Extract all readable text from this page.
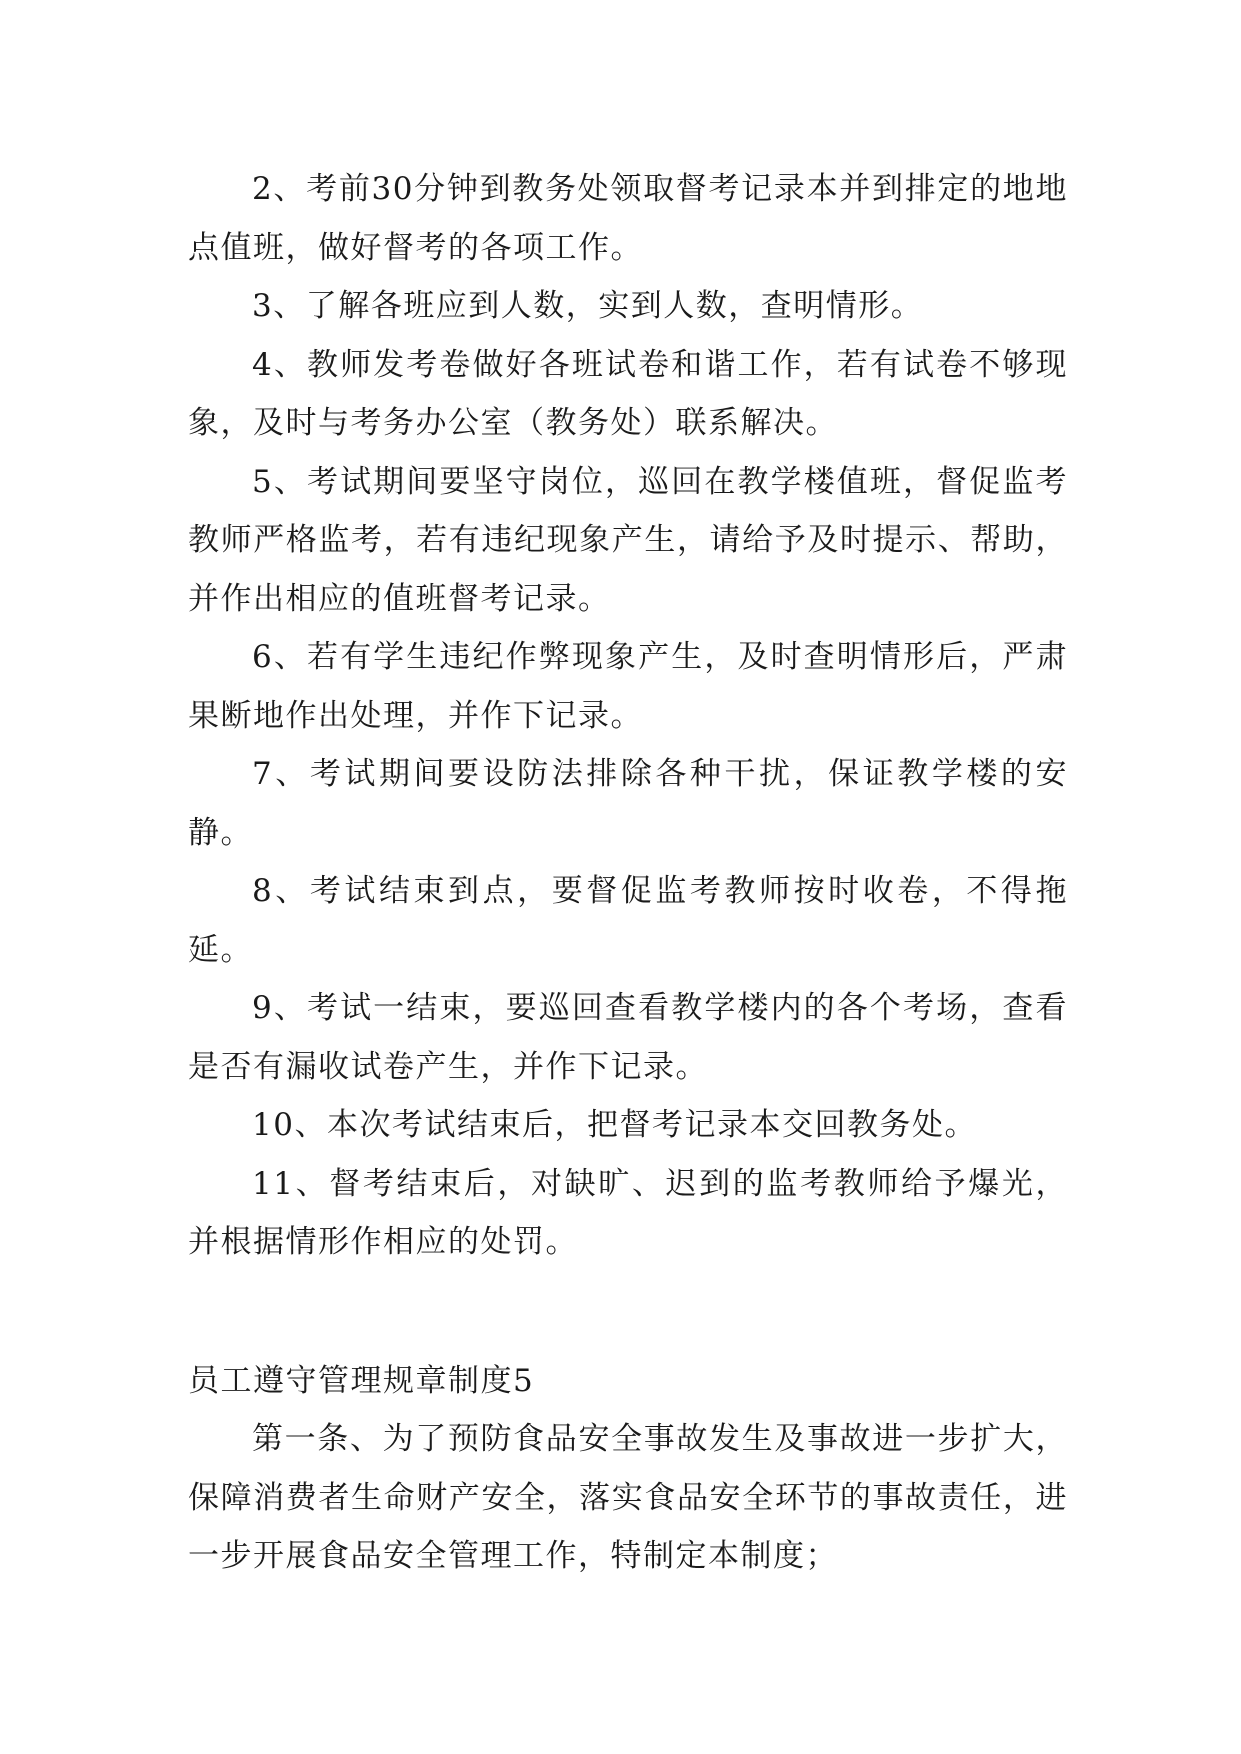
2、考前30分钟到教务处领取督考记录本并到排定的地地点值班，做好督考的各项工作。

3、了解各班应到人数，实到人数，查明情形。

4、教师发考卷做好各班试卷和谐工作，若有试卷不够现象，及时与考务办公室（教务处）联系解决。

5、考试期间要坚守岗位，巡回在教学楼值班，督促监考教师严格监考，若有违纪现象产生，请给予及时提示、帮助，并作出相应的值班督考记录。

6、若有学生违纪作弊现象产生，及时查明情形后，严肃果断地作出处理，并作下记录。

7、考试期间要设防法排除各种干扰，保证教学楼的安静。

8、考试结束到点，要督促监考教师按时收卷，不得拖延。

9、考试一结束，要巡回查看教学楼内的各个考场，查看是否有漏收试卷产生，并作下记录。

10、本次考试结束后，把督考记录本交回教务处。

11、督考结束后，对缺旷、迟到的监考教师给予爆光，并根据情形作相应的处罚。

员工遵守管理规章制度5

第一条、为了预防食品安全事故发生及事故进一步扩大，保障消费者生命财产安全，落实食品安全环节的事故责任，进一步开展食品安全管理工作，特制定本制度；
